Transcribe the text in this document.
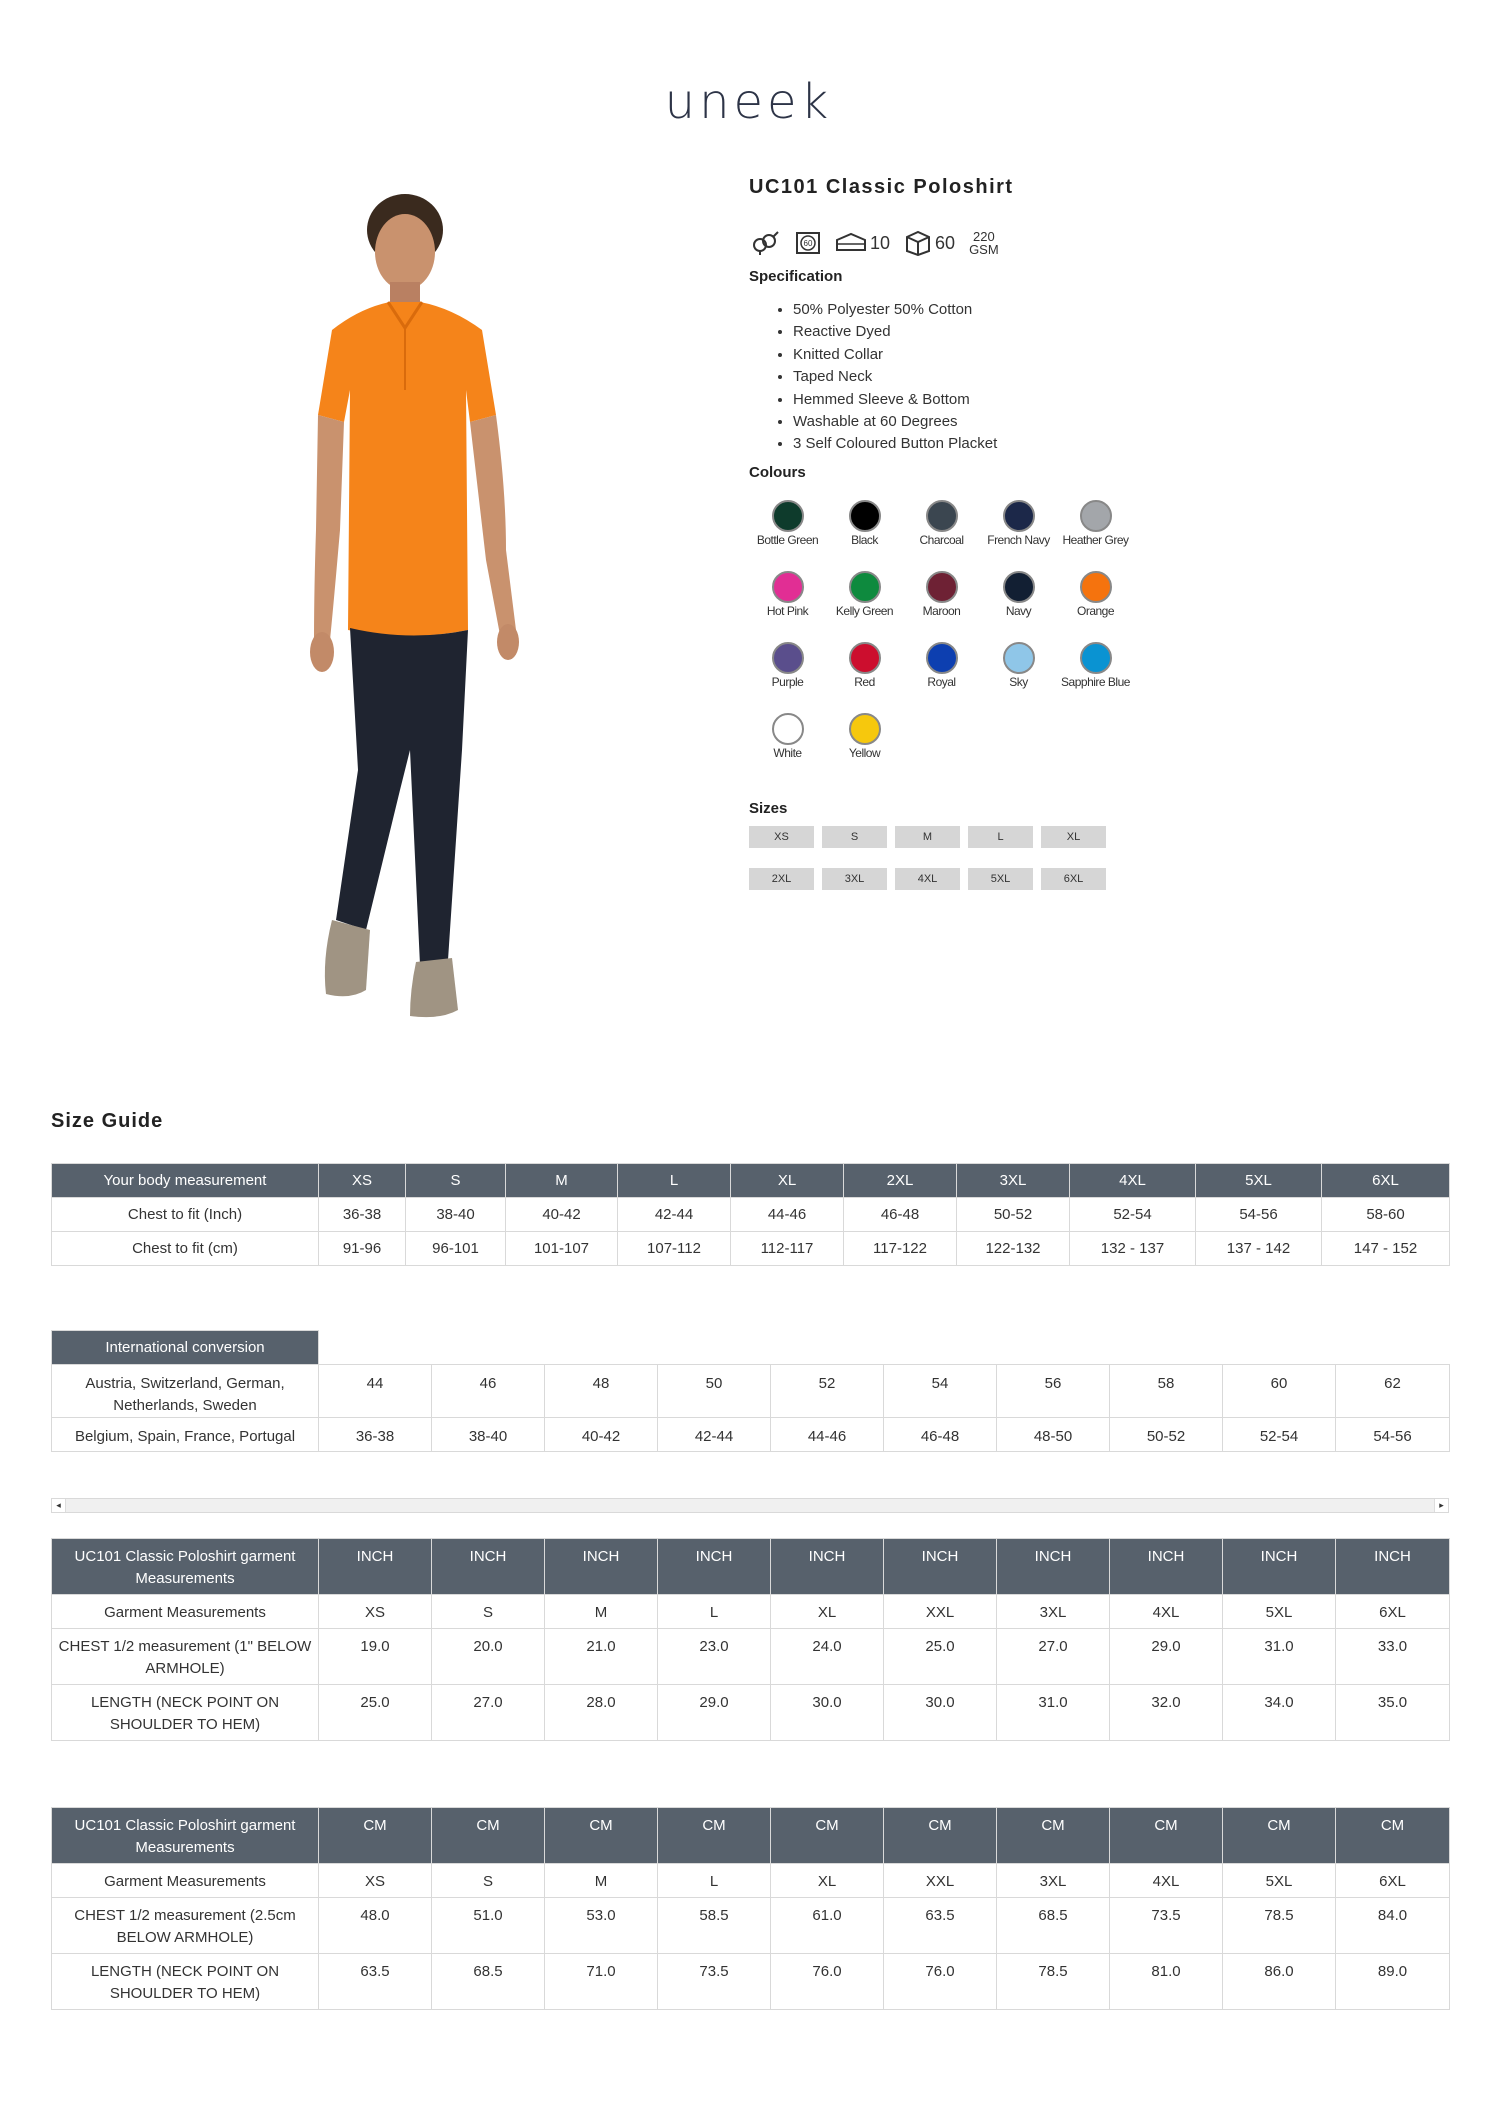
uneek
UC101 Classic Poloshirt
60	10	60	220
GSM
Specification
• 50% Polyester 50% Cotton
• Reactive Dyed
• Knitted Collar
• Taped Neck
• Hemmed Sleeve & Bottom
• Washable at 60 Degrees
• 3 Self Coloured Button Placket
Colours
Bottle Green	Black	Charcoal French Navy Heather Grey
Hot Pink Kelly Green Maroon	Navy	Orange
Purple	Red	Royal	Sky	Sapphire Blue
White	Yellow
Sizes
XS	S	M	L	XL
2XL	3XL	4XL	5XL	6XL
Size Guide
Your body measurement	XS	S	M	L	XL	2XL	3XL	4XL	5XL	6XL
Chest to fit (Inch)	36-38	38-40	40-42	42-44	44-46	46-48	50-52	52-54	54-56	58-60
Chest to fit (cm)	91-96	96-101	101-107	107-112	112-117	117-122	122-132	132 - 137	137 - 142	147 - 152
International conversion										
Austria, Switzerland, German, Netherlands, Sweden	44	46	48	50	52	54	56	58	60	62
Belgium, Spain, France, Portugal	36-38	38-40	40-42	42-44	44-46	46-48	48-50	50-52	52-54	54-56
◂	▸
UC101 Classic Poloshirt garment Measurements	INCH	INCH	INCH	INCH	INCH	INCH	INCH	INCH	INCH	INCH
Garment Measurements	XS	S	M	L	XL	XXL	3XL	4XL	5XL	6XL
CHEST 1/2 measurement (1" BELOW ARMHOLE)	19.0	20.0	21.0	23.0	24.0	25.0	27.0	29.0	31.0	33.0
LENGTH (NECK POINT ON SHOULDER TO HEM)	25.0	27.0	28.0	29.0	30.0	30.0	31.0	32.0	34.0	35.0
UC101 Classic Poloshirt garment Measurements	CM	CM	CM	CM	CM	CM	CM	CM	CM	CM
Garment Measurements	XS	S	M	L	XL	XXL	3XL	4XL	5XL	6XL
CHEST 1/2 measurement (2.5cm BELOW ARMHOLE)	48.0	51.0	53.0	58.5	61.0	63.5	68.5	73.5	78.5	84.0
LENGTH (NECK POINT ON SHOULDER TO HEM)	63.5	68.5	71.0	73.5	76.0	76.0	78.5	81.0	86.0	89.0
